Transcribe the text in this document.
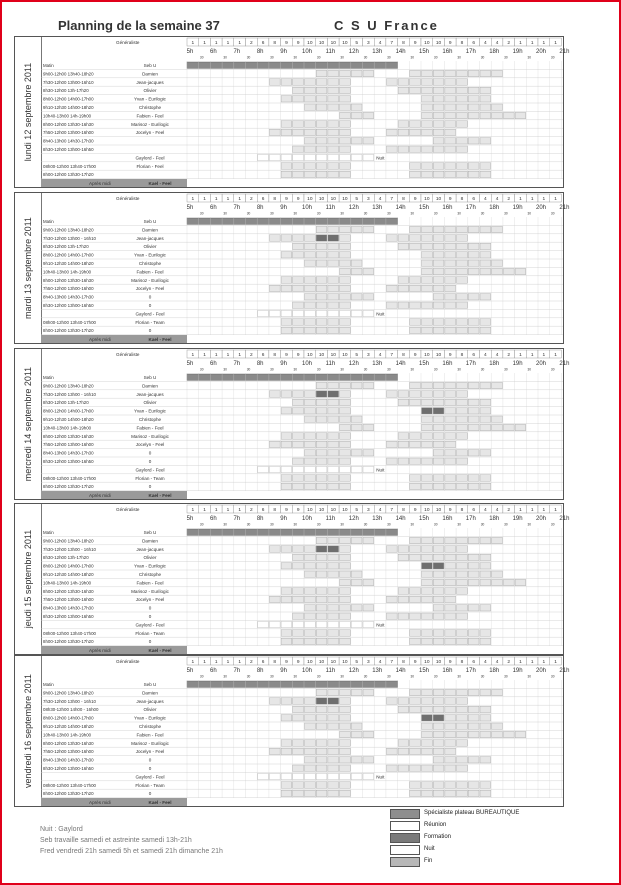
Planning de la semaine 37	C S U France
lundi 12 septembre 2011
Généraliste	1 1 1 1 1 2 6 8 9 9 10 10 10 10 5 3 4 7 8 9 10 10 9 8 6 4 4 2 1 1 1 1
5h
30
6h
30
7h
30
8h
30
9h
30
10h
30
11h
30
12h
30
13h
30
14h
30
15h
30
16h
30
17h
30
18h
30
19h
30
20h
30
21h
Matin	Seb U
9h00-12h00 13h40-18h20	Damien
7h30-12h00 13h00-16h10	Jean-jacques
8h30-12h00 13h-17h20	Olivier
8h00-12h00 14h00-17h00	Yvan - Eurilogic
9h10-12h30 14h00-18h20	Christophe
10h40-13h00 14h-19h00	Fabien - Feel
8h00-12h00 13h30-16h30	Marisoz - Eurilogic
7h50-12h00 13h00-16h00	Jocelyn - Feel
8h40-13h00 14h30-17h30
8h30-12h00 13h00-16h50
Gaylord - Feel	Nuit
08h00-12h00 13h40-17h00	Florian - Feel
8h00-12h00 13h30-17h20
Après midi	Kael - Feel
mardi 13 septembre 2011
Généraliste	1 1 1 1 1 2 6 8 9 9 10 10 10 10 5 3 4 7 8 9 10 10 9 8 6 4 4 2 1 1 1 1
5h
30
6h
30
7h
30
8h
30
9h
30
10h
30
11h
30
12h
30
13h
30
14h
30
15h
30
16h
30
17h
30
18h
30
19h
30
20h
30
21h
Matin	Seb U
9h00-12h00 13h40-18h20	Damien
7h30-12h00 13h00 - 16h10	Jean-jacques
8h30-12h00 13h-17h20	Olivier
8h00-12h00 14h00-17h00	Yvan - Eurilogic
9h10-12h30 14h00-18h20	Christophe
10h40-13h00 14h-19h00	Fabien - Feel
8h00-12h00 13h30-16h30	Marisoz - Eurilogic
7h50-12h00 13h00-16h00	Jocelyn - Feel
8h40-13h00 14h30-17h30	0
8h30-12h00 13h00-16h50	0
Gaylord - Feel	Nuit
08h00-12h00 13h40-17h00	Florian - Team
8h00-12h00 13h30-17h20	0
Après midi	Kael - Feel
mercredi 14 septembre 2011
Généraliste	1 1 1 1 1 2 6 8 9 9 10 10 10 10 5 3 4 7 8 9 10 10 9 8 6 4 4 2 1 1 1 1
5h
30
6h
30
7h
30
8h
30
9h
30
10h
30
11h
30
12h
30
13h
30
14h
30
15h
30
16h
30
17h
30
18h
30
19h
30
20h
30
21h
Matin	Seb U
9h00-12h00 13h40-18h20	Damien
7h30-12h00 13h00 - 16h10	Jean-jacques
8h30-12h00 13h-17h20	Olivier
8h00-12h00 14h00-17h00	Yvan - Eurilogic
9h10-12h30 14h00-18h20	Christophe
10h40-13h00 14h-19h00	Fabien - Feel
8h00-12h00 13h30-16h30	Marisoz - Eurilogic
7h50-12h00 13h00-16h00	Jocelyn - Feel
8h40-13h00 14h30-17h30	0
8h30-12h00 13h00-16h50	0
Gaylord - Feel	Nuit
08h00-12h00 13h40-17h00	Florian - Team
8h00-12h00 13h30-17h20	0
Après midi	Kael - Feel
jeudi 15 septembre 2011
Généraliste	1 1 1 1 1 2 6 8 9 9 10 10 10 10 5 3 4 7 8 9 10 10 9 8 6 4 4 2 1 1 1 1
5h
30
6h
30
7h
30
8h
30
9h
30
10h
30
11h
30
12h
30
13h
30
14h
30
15h
30
16h
30
17h
30
18h
30
19h
30
20h
30
21h
Matin	Seb U
9h00-12h00 13h40-18h20	Damien
7h30-12h00 13h00 - 16h10	Jean-jacques
8h30-12h00 13h-17h20	Olivier
8h00-12h00 14h00-17h00	Yvan - Eurilogic
9h10-12h30 14h00-18h20	Christophe
10h40-13h00 14h-19h00	Fabien - Feel
8h00-12h00 13h30-16h30	Marisoz - Eurilogic
7h50-12h00 13h00-16h00	Jocelyn - Feel
8h40-13h00 14h30-17h30	0
8h30-12h00 13h00-16h50	0
Gaylord - Feel	Nuit
08h00-12h00 13h40-17h00	Florian - Team
8h00-12h00 13h30-17h20	0
Après midi	Kael - Feel
vendredi 16 septembre 2011
Généraliste	1 1 1 1 1 2 6 8 9 9 10 10 10 10 5 3 4 7 8 9 10 10 9 8 6 4 4 2 1 1 1 1
5h
30
6h
30
7h
30
8h
30
9h
30
10h
30
11h
30
12h
30
13h
30
14h
30
15h
30
16h
30
17h
30
18h
30
19h
30
20h
30
21h
Matin	Seb U
9h00-12h00 13h40-18h20	Damien
7h30-12h00 13h00 - 16h10	Jean-jacques
08h30-12h00 14h00 - 16h00	Olivier
8h00-12h00 14h00-17h00	Yvan - Eurilogic
9h10-12h30 14h00-18h20	Christophe
10h40-13h00 14h-19h00	Fabien - Feel
8h00-12h00 13h30-16h30	Marisoz - Eurilogic
7h50-12h00 13h00-16h00	Jocelyn - Feel
8h40-13h00 14h30-17h30	0
8h30-12h00 13h00-16h50	0
Gaylord - Feel	Nuit
08h00-12h00 13h40-17h00	Florian - Team
8h00-12h00 13h30-17h20	0
Après midi	Kael - Feel
Spécialiste plateau BUREAUTIQUE
Réunion
Formation
Nuit
Fin
Nuit : Gaylord
Seb travaille samedi et astreinte samedi 13h-21h
Fred vendredi 21h samedi 5h et samedi 21h dimanche 21h
